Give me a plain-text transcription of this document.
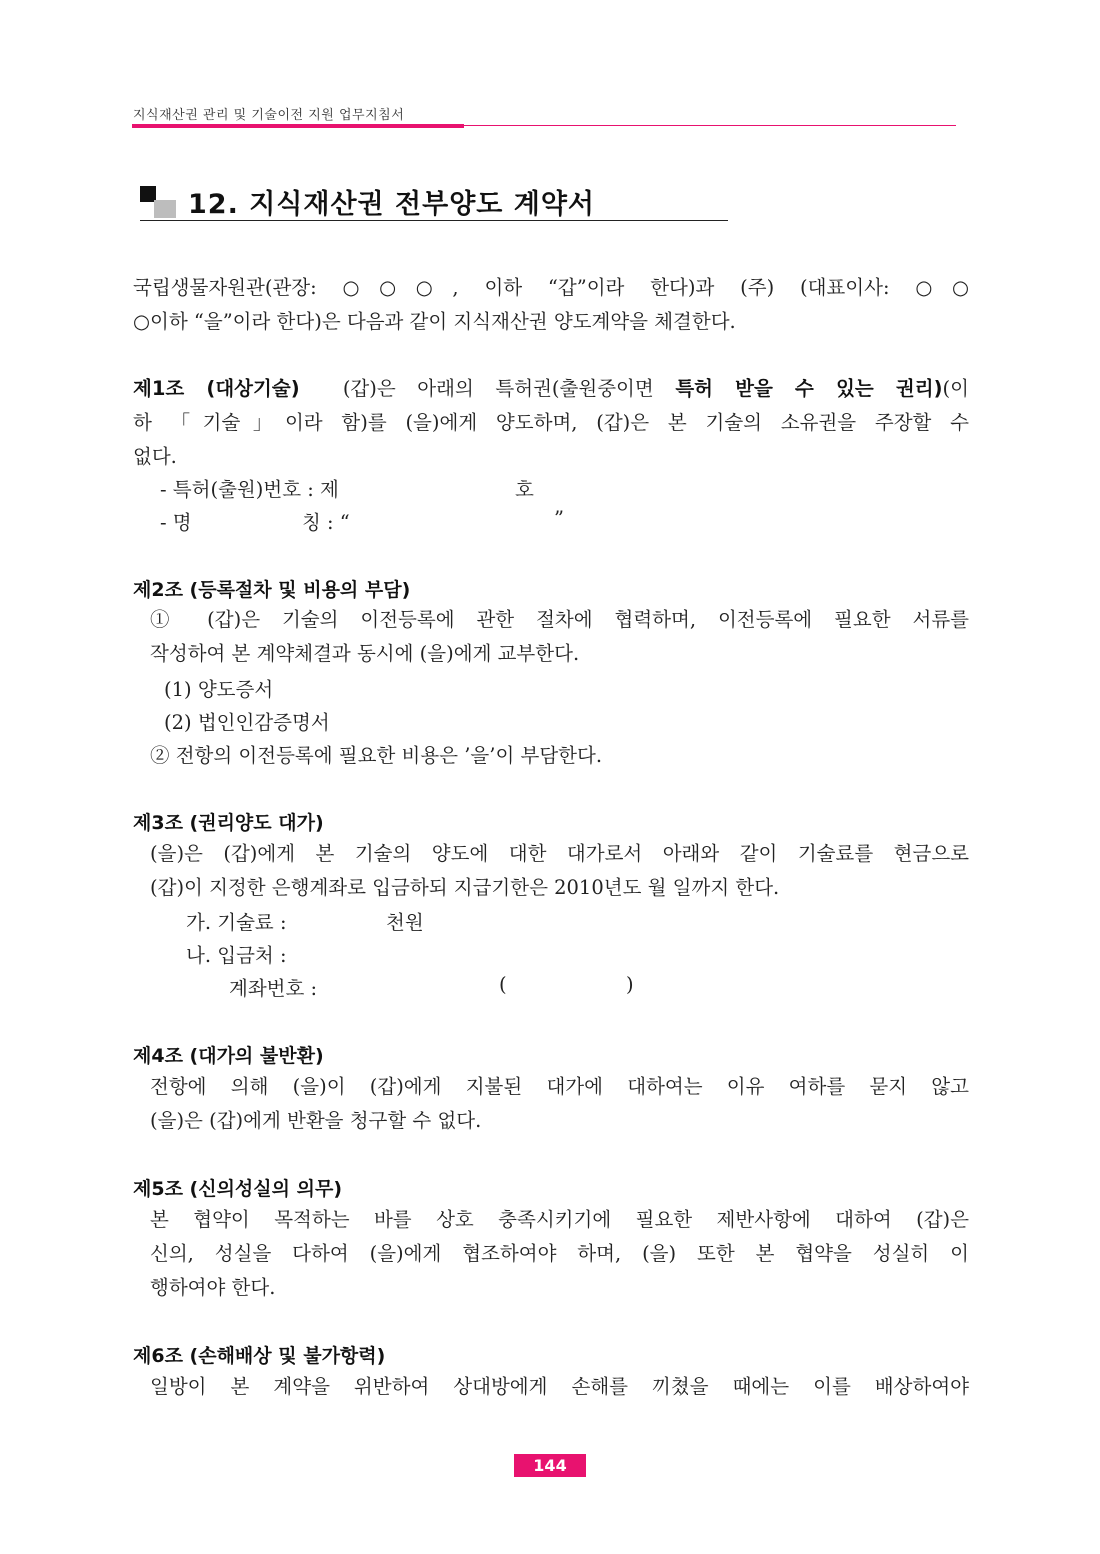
지식재산권 관리 및 기술이전 지원 업무지침서
12. 지식재산권 전부양도 계약서
국립생물자원관(관장: ○○○, 이하 “갑”이라 한다)과 (주) (대표이사: ○○
○이하 “을”이라 한다)은 다음과 같이 지식재산권 양도계약을 체결한다.
제1조 (대상기술) (갑)은 아래의 특허권(출원중이면 특허 받을 수 있는 권리)(이
하 「기술」이라 함)를 (을)에게 양도하며, (갑)은 본 기술의 소유권을 주장할 수
없다.
- 특허(출원)번호 : 제	호
- 명	칭 : “	”
제2조 (등록절차 및 비용의 부담)
① (갑)은 기술의 이전등록에 관한 절차에 협력하며, 이전등록에 필요한 서류를
작성하여 본 계약체결과 동시에 (을)에게 교부한다.
(1) 양도증서
(2) 법인인감증명서
② 전항의 이전등록에 필요한 비용은 ’을’이 부담한다.
제3조 (권리양도 대가)
(을)은 (갑)에게 본 기술의 양도에 대한 대가로서 아래와 같이 기술료를 현금으로
(갑)이 지정한 은행계좌로 입금하되 지급기한은 2010년도 월 일까지 한다.
가. 기술료 :	천원
나. 입금처 :
계좌번호 :	(	)
제4조 (대가의 불반환)
전항에 의해 (을)이 (갑)에게 지불된 대가에 대하여는 이유 여하를 묻지 않고
(을)은 (갑)에게 반환을 청구할 수 없다.
제5조 (신의성실의 의무)
본 협약이 목적하는 바를 상호 충족시키기에 필요한 제반사항에 대하여 (갑)은
신의, 성실을 다하여 (을)에게 협조하여야 하며, (을) 또한 본 협약을 성실히 이
행하여야 한다.
제6조 (손해배상 및 불가항력)
일방이 본 계약을 위반하여 상대방에게 손해를 끼쳤을 때에는 이를 배상하여야
144
